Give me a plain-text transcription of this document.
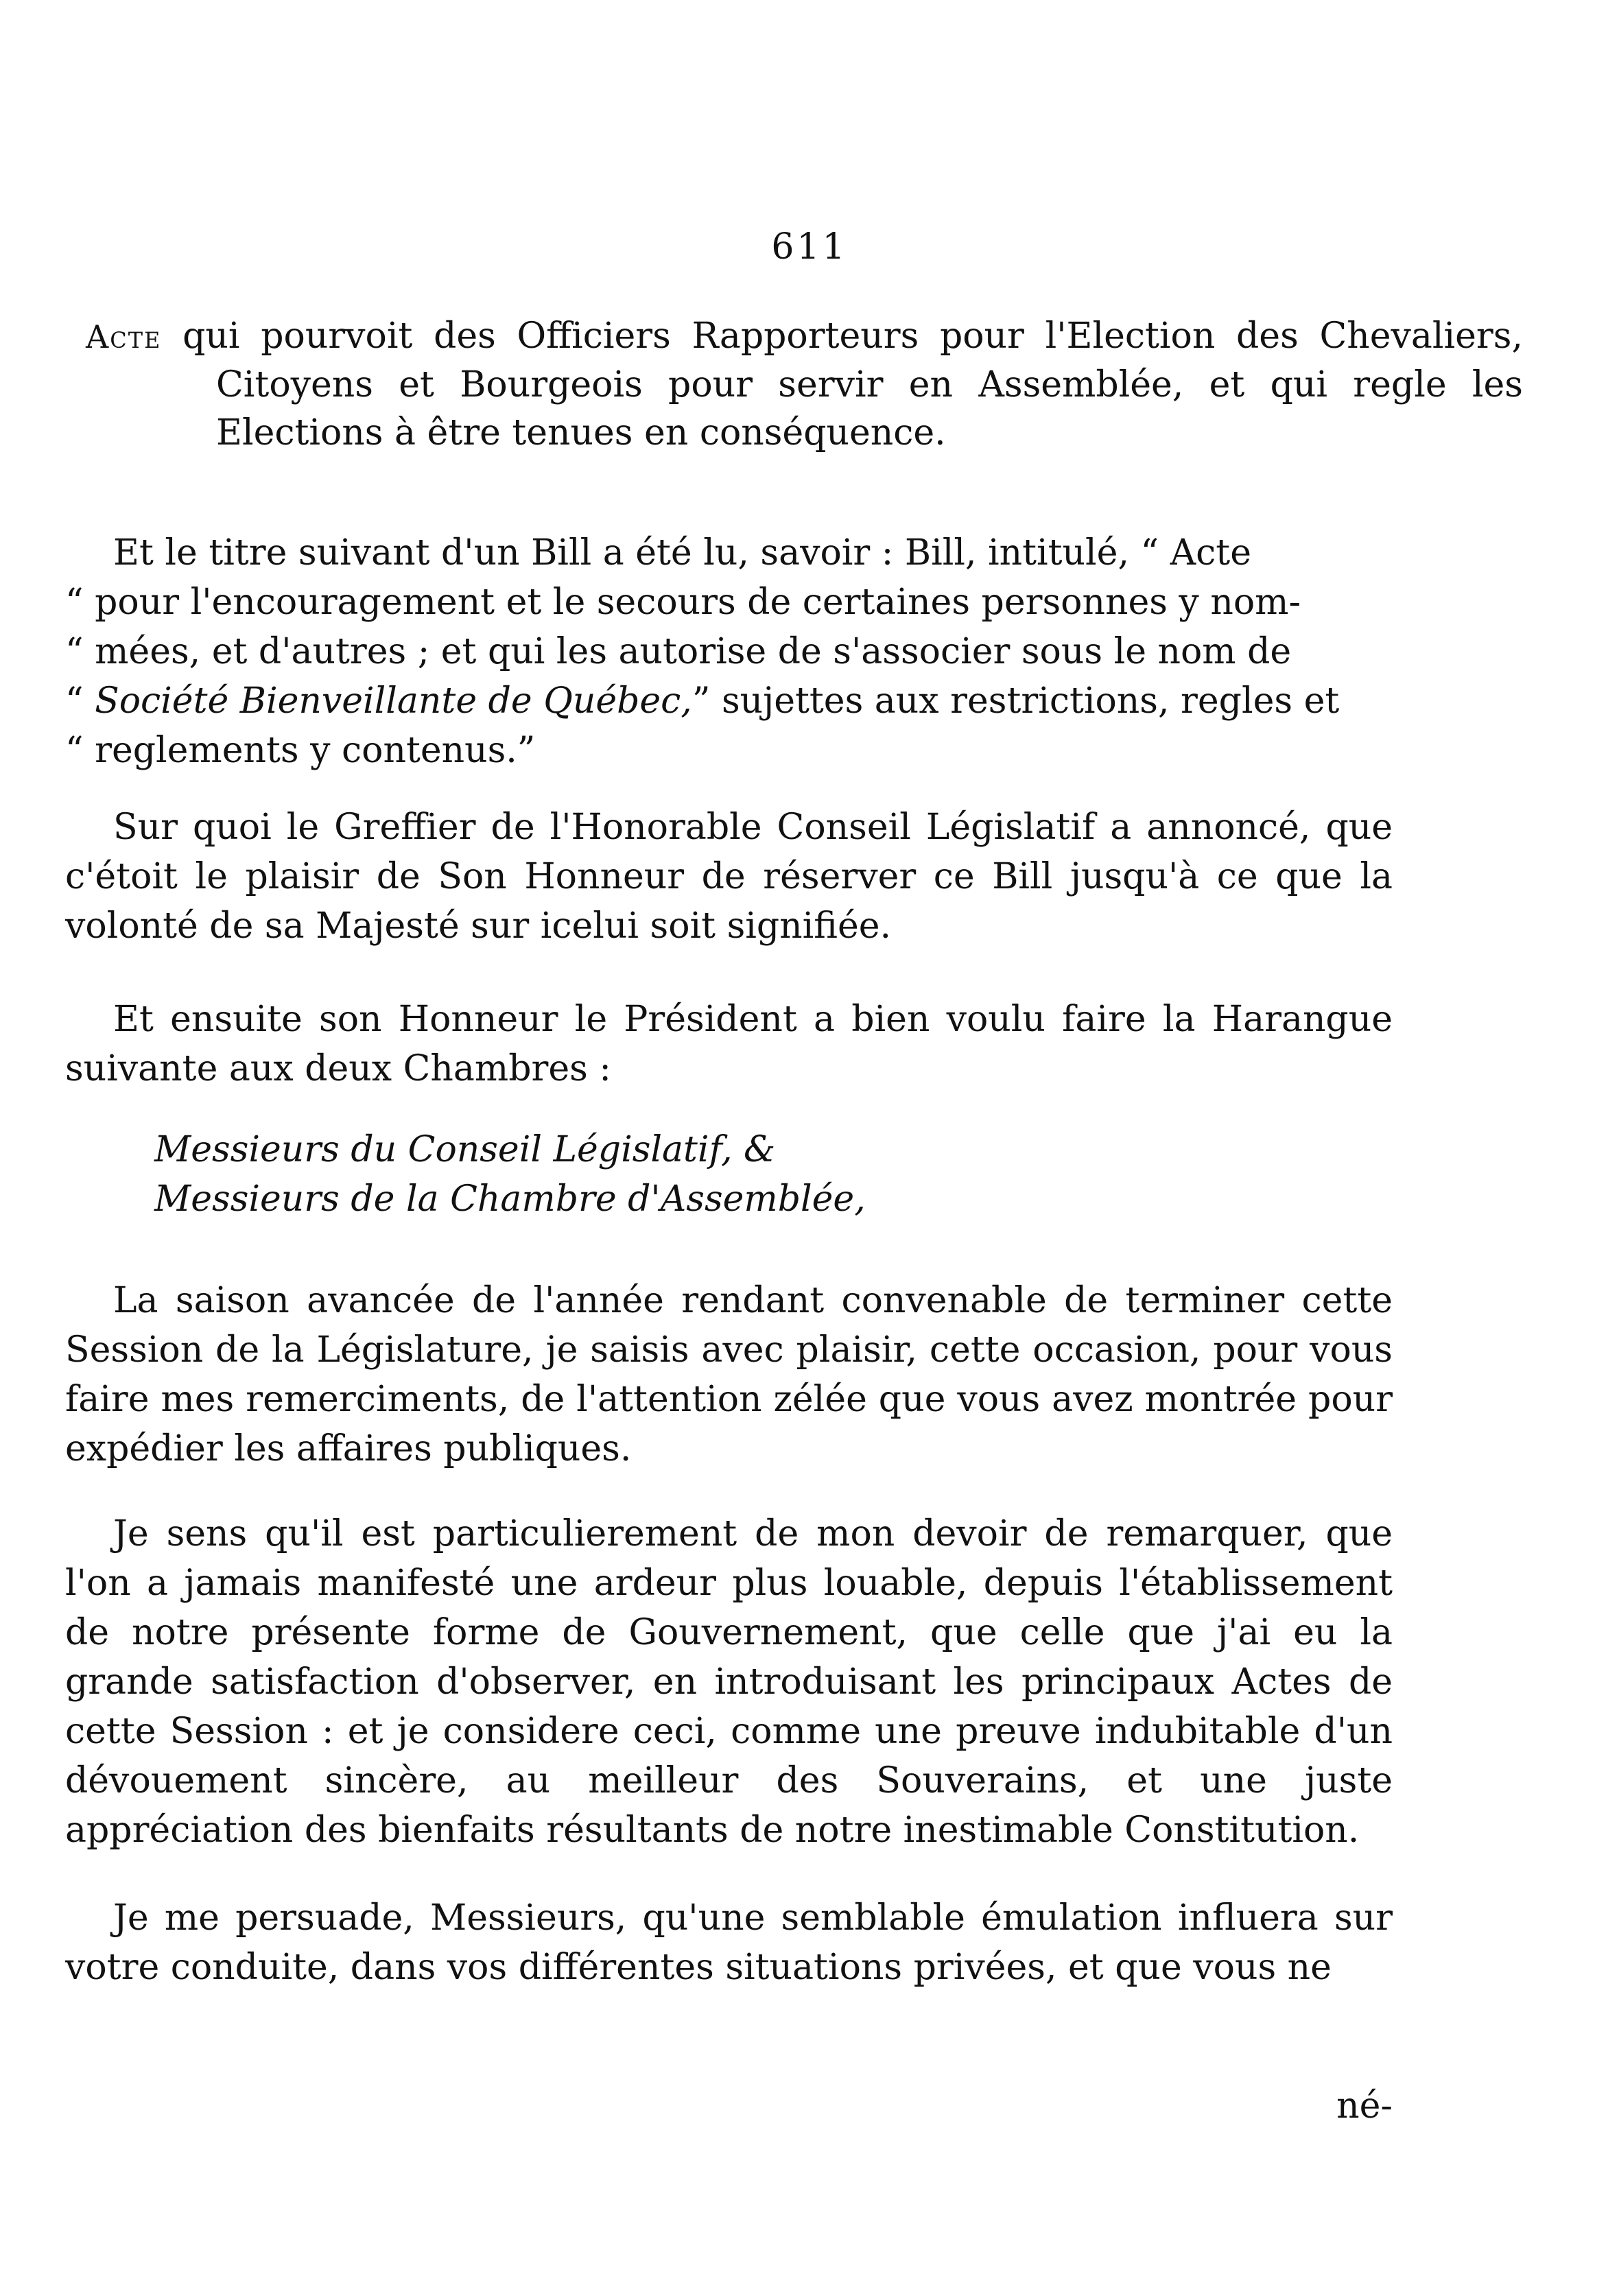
611
Acte qui pourvoit des Officiers Rapporteurs pour l'Election des Chevaliers, Citoyens et Bourgeois pour servir en Assemblée, et qui regle les Elections à être tenues en conséquence.
Et le titre suivant d'un Bill a été lu, savoir : Bill, intitulé, “ Acte
“ pour l'encouragement et le secours de certaines personnes y nom-
“ mées, et d'autres ; et qui les autorise de s'associer sous le nom de
“ Société Bienveillante de Québec,” sujettes aux restrictions, regles et
“ reglements y contenus.”
Sur quoi le Greffier de l'Honorable Conseil Législatif a annoncé, que c'étoit le plaisir de Son Honneur de réserver ce Bill jusqu'à ce que la volonté de sa Majesté sur icelui soit signifiée.
Et ensuite son Honneur le Président a bien voulu faire la Harangue suivante aux deux Chambres :
Messieurs du Conseil Législatif, &
Messieurs de la Chambre d'Assemblée,
La saison avancée de l'année rendant convenable de terminer cette Session de la Législature, je saisis avec plaisir, cette occasion, pour vous faire mes remerciments, de l'attention zélée que vous avez montrée pour expédier les affaires publiques.
Je sens qu'il est particulierement de mon devoir de remarquer, que l'on a jamais manifesté une ardeur plus louable, depuis l'établissement de notre présente forme de Gouvernement, que celle que j'ai eu la grande satisfaction d'observer, en introduisant les principaux Actes de cette Session : et je considere ceci, comme une preuve indubitable d'un dévouement sincère, au meilleur des Souverains, et une juste appréciation des bienfaits résultants de notre inestimable Constitution.
Je me persuade, Messieurs, qu'une semblable émulation influera sur votre conduite, dans vos différentes situations privées, et que vous ne
né-
